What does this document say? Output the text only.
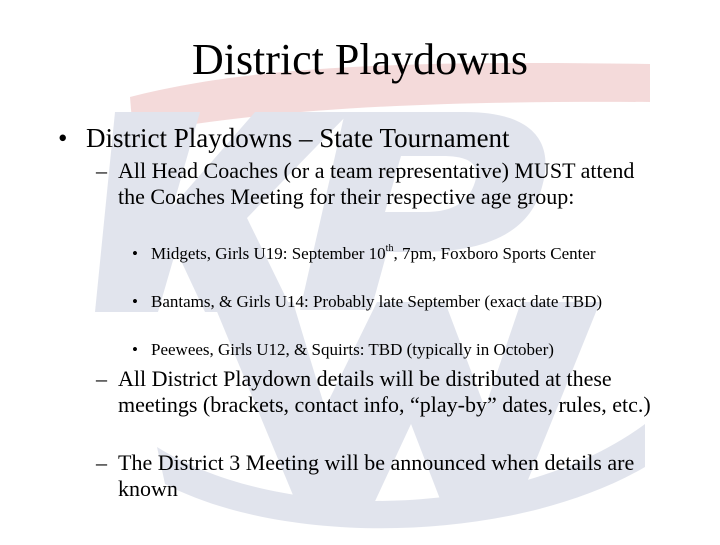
District Playdowns
• District Playdowns – State Tournament
– All Head Coaches (or a team representative) MUST attend the Coaches Meeting for their respective age group:
• Midgets, Girls U19: September 10th, 7pm, Foxboro Sports Center
• Bantams, & Girls U14: Probably late September (exact date TBD)
• Peewees, Girls U12, & Squirts: TBD (typically in October)
– All District Playdown details will be distributed at these meetings (brackets, contact info, “play-by” dates, rules, etc.)
– The District 3 Meeting will be announced when details are known
